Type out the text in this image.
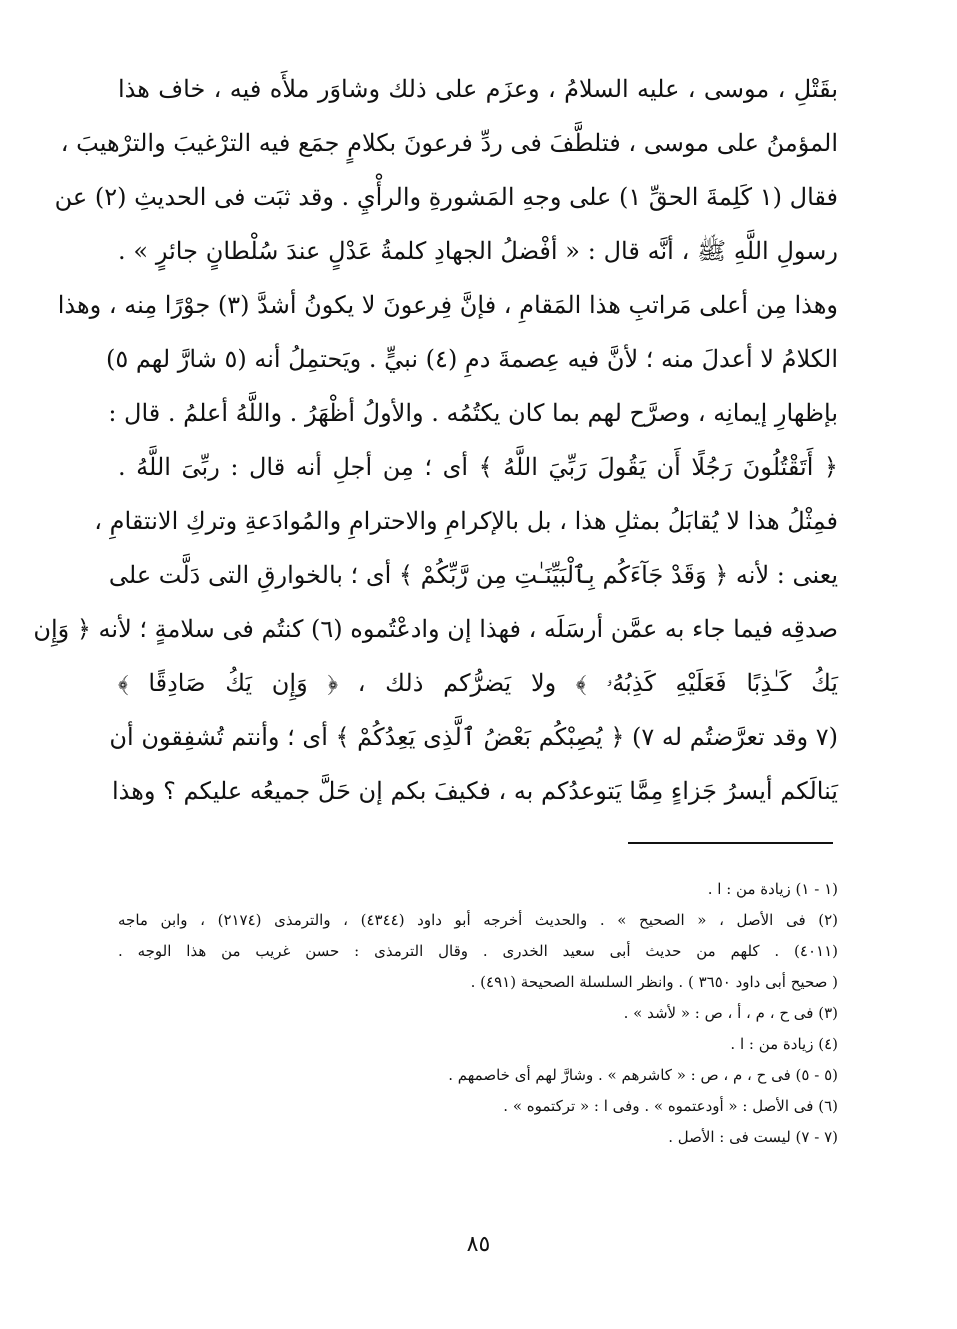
بقَتْلِ ، موسى ، عليه السلامُ ، وعزَم على ذلك وشاوَر ملأَه فيه ، خاف هذا
المؤمنُ على موسى ، فتلطَّفَ فى ردِّ فرعونَ بكلامٍ جمَع فيه الترْغيبَ والترْهيبَ ،
فقال (١ كَلِمةَ الحقِّ ١) على وجهِ المَشورةِ والرأْيِ . وقد ثبَت فى الحديثِ (٢) عن
رسولِ اللَّهِ ﷺ ، أنَّه قال : « أفْضلُ الجهادِ كلمةُ عَدْلٍ عندَ سُلْطانٍ جائرٍ » .
وهذا مِن أعلى مَراتبِ هذا المَقامِ ، فإنَّ فِرعونَ لا يكونُ أشدَّ (٣) جوْرًا مِنه ، وهذا
الكلامُ لا أعدلَ منه ؛ لأنَّ فيه عِصمةَ دمِ (٤) نبيٍّ . ويَحتمِلُ أنه (٥ شارَّ لهم ٥)
بإظهارِ إيمانِه ، وصرَّح لهم بما كان يكتُمُه . والأولُ أظْهَرُ . واللَّهُ أعلمُ . قال :
﴿ أَتَقْتُلُونَ رَجُلًا أَن يَقُولَ رَبِّيَ اللَّهُ ﴾ أى ؛ مِن أجلِ أنه قال : ربِّىَ اللَّهُ .
فمِثْلُ هذا لا يُقابَلُ بمثلِ هذا ، بل بالإكرامِ والاحترامِ والمُوادَعةِ وتركِ الانتقامِ ،
يعنى : لأنه ﴿ وَقَدْ جَآءَكُم بِٱلْبَيِّنَـٰتِ مِن رَّبِّكُمْ ﴾ أى ؛ بالخوارقِ التى دَلَّت على
صدقِه فيما جاء به عمَّن أرسَلَه ، فهذا إن وادعْتُموه (٦) كنتُم فى سلامةٍ ؛ لأنه ﴿ وَإِن
يَكُ كَـٰذِبًا فَعَلَيْهِ كَذِبُهُۥ ﴾ ولا يَضرُّكم ذلك ، ﴿ وَإِن يَكُ صَادِقًا ﴾
(٧ وقد تعرَّضتُم له ٧) ﴿ يُصِبْكُم بَعْضُ ٱلَّذِى يَعِدُكُمْ ﴾ أى ؛ وأنتم تُشفِقون أن
يَنالَكم أيسرُ جَزاءٍ مِمَّا يَتوعدُكم به ، فكيفَ بكم إن حَلَّ جميعُه عليكم ؟ وهذا
(١ - ١) زيادة من : ا .
(٢) فى الأصل ، « الصحيح » . والحديث أخرجه أبو داود (٤٣٤٤) ، والترمذى (٢١٧٤) ، وابن ماجه
(٤٠١١) . كلهم من حديث أبى سعيد الخدرى . وقال الترمذى : حسن غريب من هذا الوجه .
( صحيح أبى داود ٣٦٥٠ ) . وانظر السلسلة الصحيحة (٤٩١) .
(٣) فى ح ، م ، أ ، ص : « لأشد » .
(٤) زيادة من : ا .
(٥ - ٥) فى ح ، م ، ص : « كاشرهم » . وشارَّ لهم أى خاصمهم .
(٦) فى الأصل : « أودعتموه » . وفى ا : « تركتموه » .
(٧ - ٧) ليست فى : الأصل .
٨٥
